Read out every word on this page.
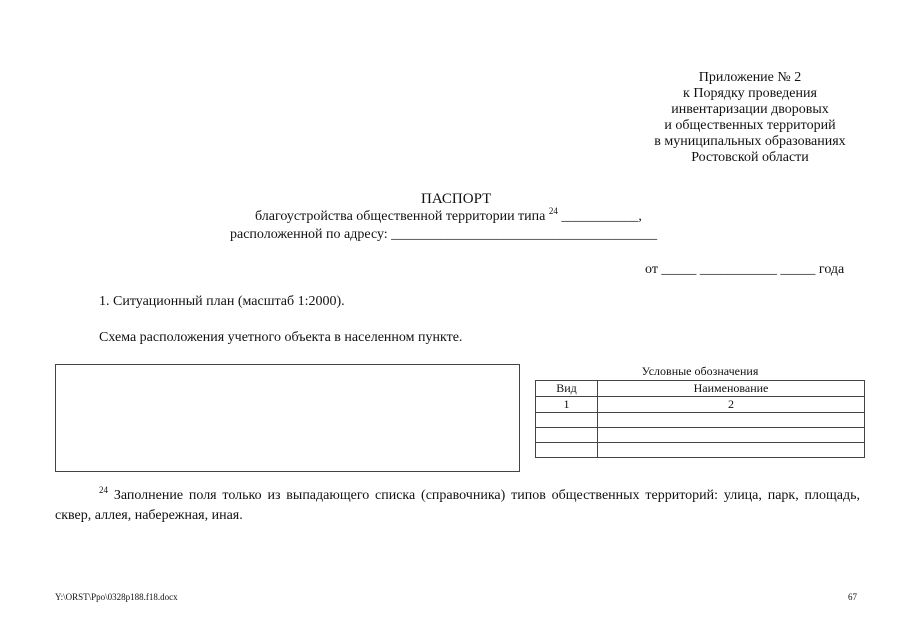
Приложение № 2
к Порядку проведения
инвентаризации дворовых
и общественных территорий
в муниципальных образованиях
Ростовской области
ПАСПОРТ
благоустройства общественной территории типа $^{24}$ ___________,
расположенной по адресу: ______________________________________
от _____ ___________ _____ года
1. Ситуационный план (масштаб 1:2000).
Схема расположения учетного объекта в населенном пункте.
Условные обозначения
Вид	Наименование
1	2

$^{24}$ Заполнение поля только из выпадающего списка (справочника) типов общественных территорий: улица, парк, площадь, сквер, аллея, набережная, иная.
Y:\ORST\Ppo\0328p188.f18.docx	67
